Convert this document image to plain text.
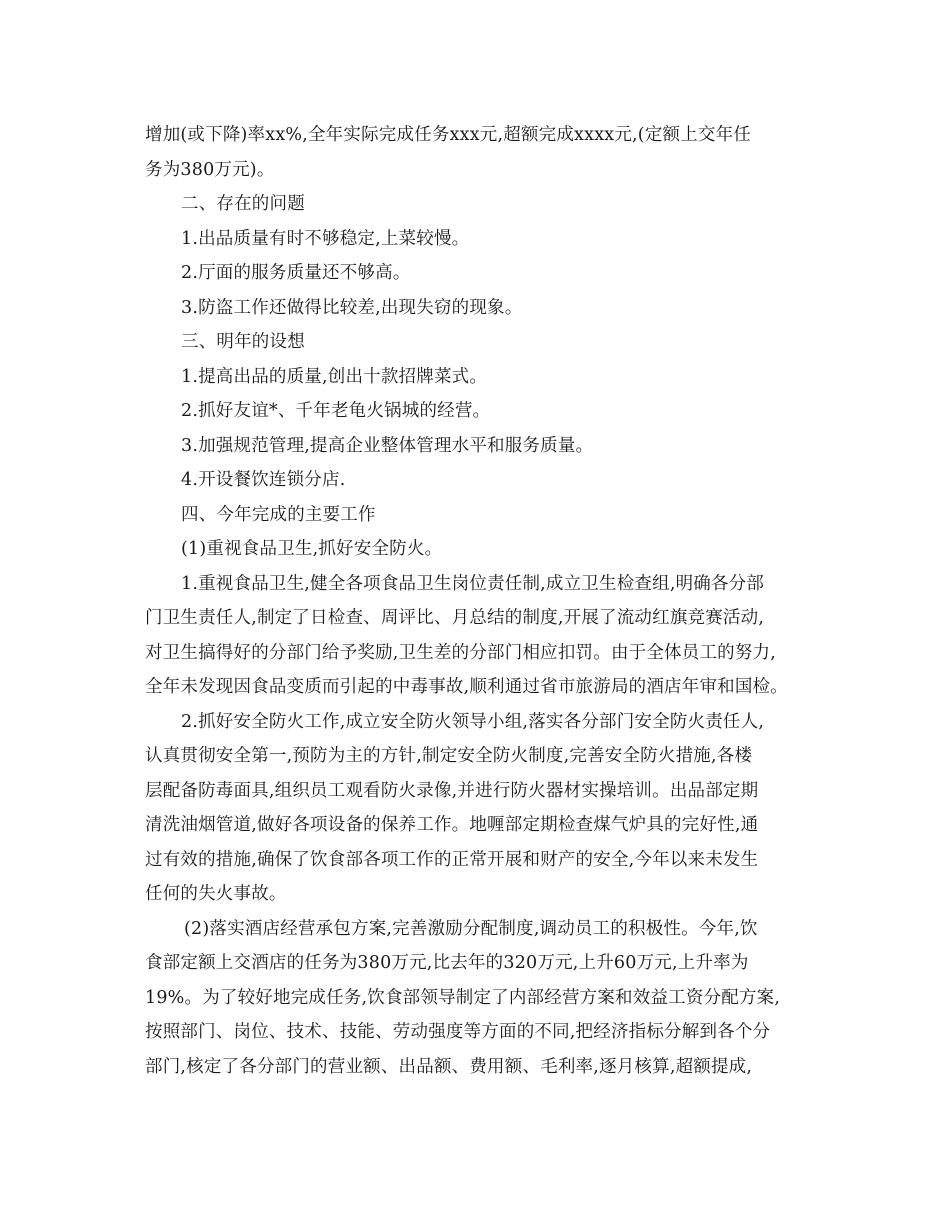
增加(或下降)率xx%,全年实际完成任务xxx元,超额完成xxxx元,(定额上交年任
务为380万元)。
二、存在的问题
1.出品质量有时不够稳定,上菜较慢。
2.厅面的服务质量还不够高。
3.防盗工作还做得比较差,出现失窃的现象。
三、明年的设想
1.提高出品的质量,创出十款招牌菜式。
2.抓好友谊*、千年老龟火锅城的经营。
3.加强规范管理,提高企业整体管理水平和服务质量。
4.开设餐饮连锁分店.
四、今年完成的主要工作
(1)重视食品卫生,抓好安全防火。
1.重视食品卫生,健全各项食品卫生岗位责任制,成立卫生检查组,明确各分部
门卫生责任人,制定了日检查、周评比、月总结的制度,开展了流动红旗竞赛活动,
对卫生搞得好的分部门给予奖励,卫生差的分部门相应扣罚。由于全体员工的努力,
全年未发现因食品变质而引起的中毒事故,顺利通过省市旅游局的酒店年审和国检。
2.抓好安全防火工作,成立安全防火领导小组,落实各分部门安全防火责任人,
认真贯彻安全第一,预防为主的方针,制定安全防火制度,完善安全防火措施,各楼
层配备防毒面具,组织员工观看防火录像,并进行防火器材实操培训。出品部定期
清洗油烟管道,做好各项设备的保养工作。地喱部定期检查煤气炉具的完好性,通
过有效的措施,确保了饮食部各项工作的正常开展和财产的安全,今年以来未发生
任何的失火事故。
(2)落实酒店经营承包方案,完善激励分配制度,调动员工的积极性。今年,饮
食部定额上交酒店的任务为380万元,比去年的320万元,上升60万元,上升率为
19%。为了较好地完成任务,饮食部领导制定了内部经营方案和效益工资分配方案,
按照部门、岗位、技术、技能、劳动强度等方面的不同,把经济指标分解到各个分
部门,核定了各分部门的营业额、出品额、费用额、毛利率,逐月核算,超额提成,
